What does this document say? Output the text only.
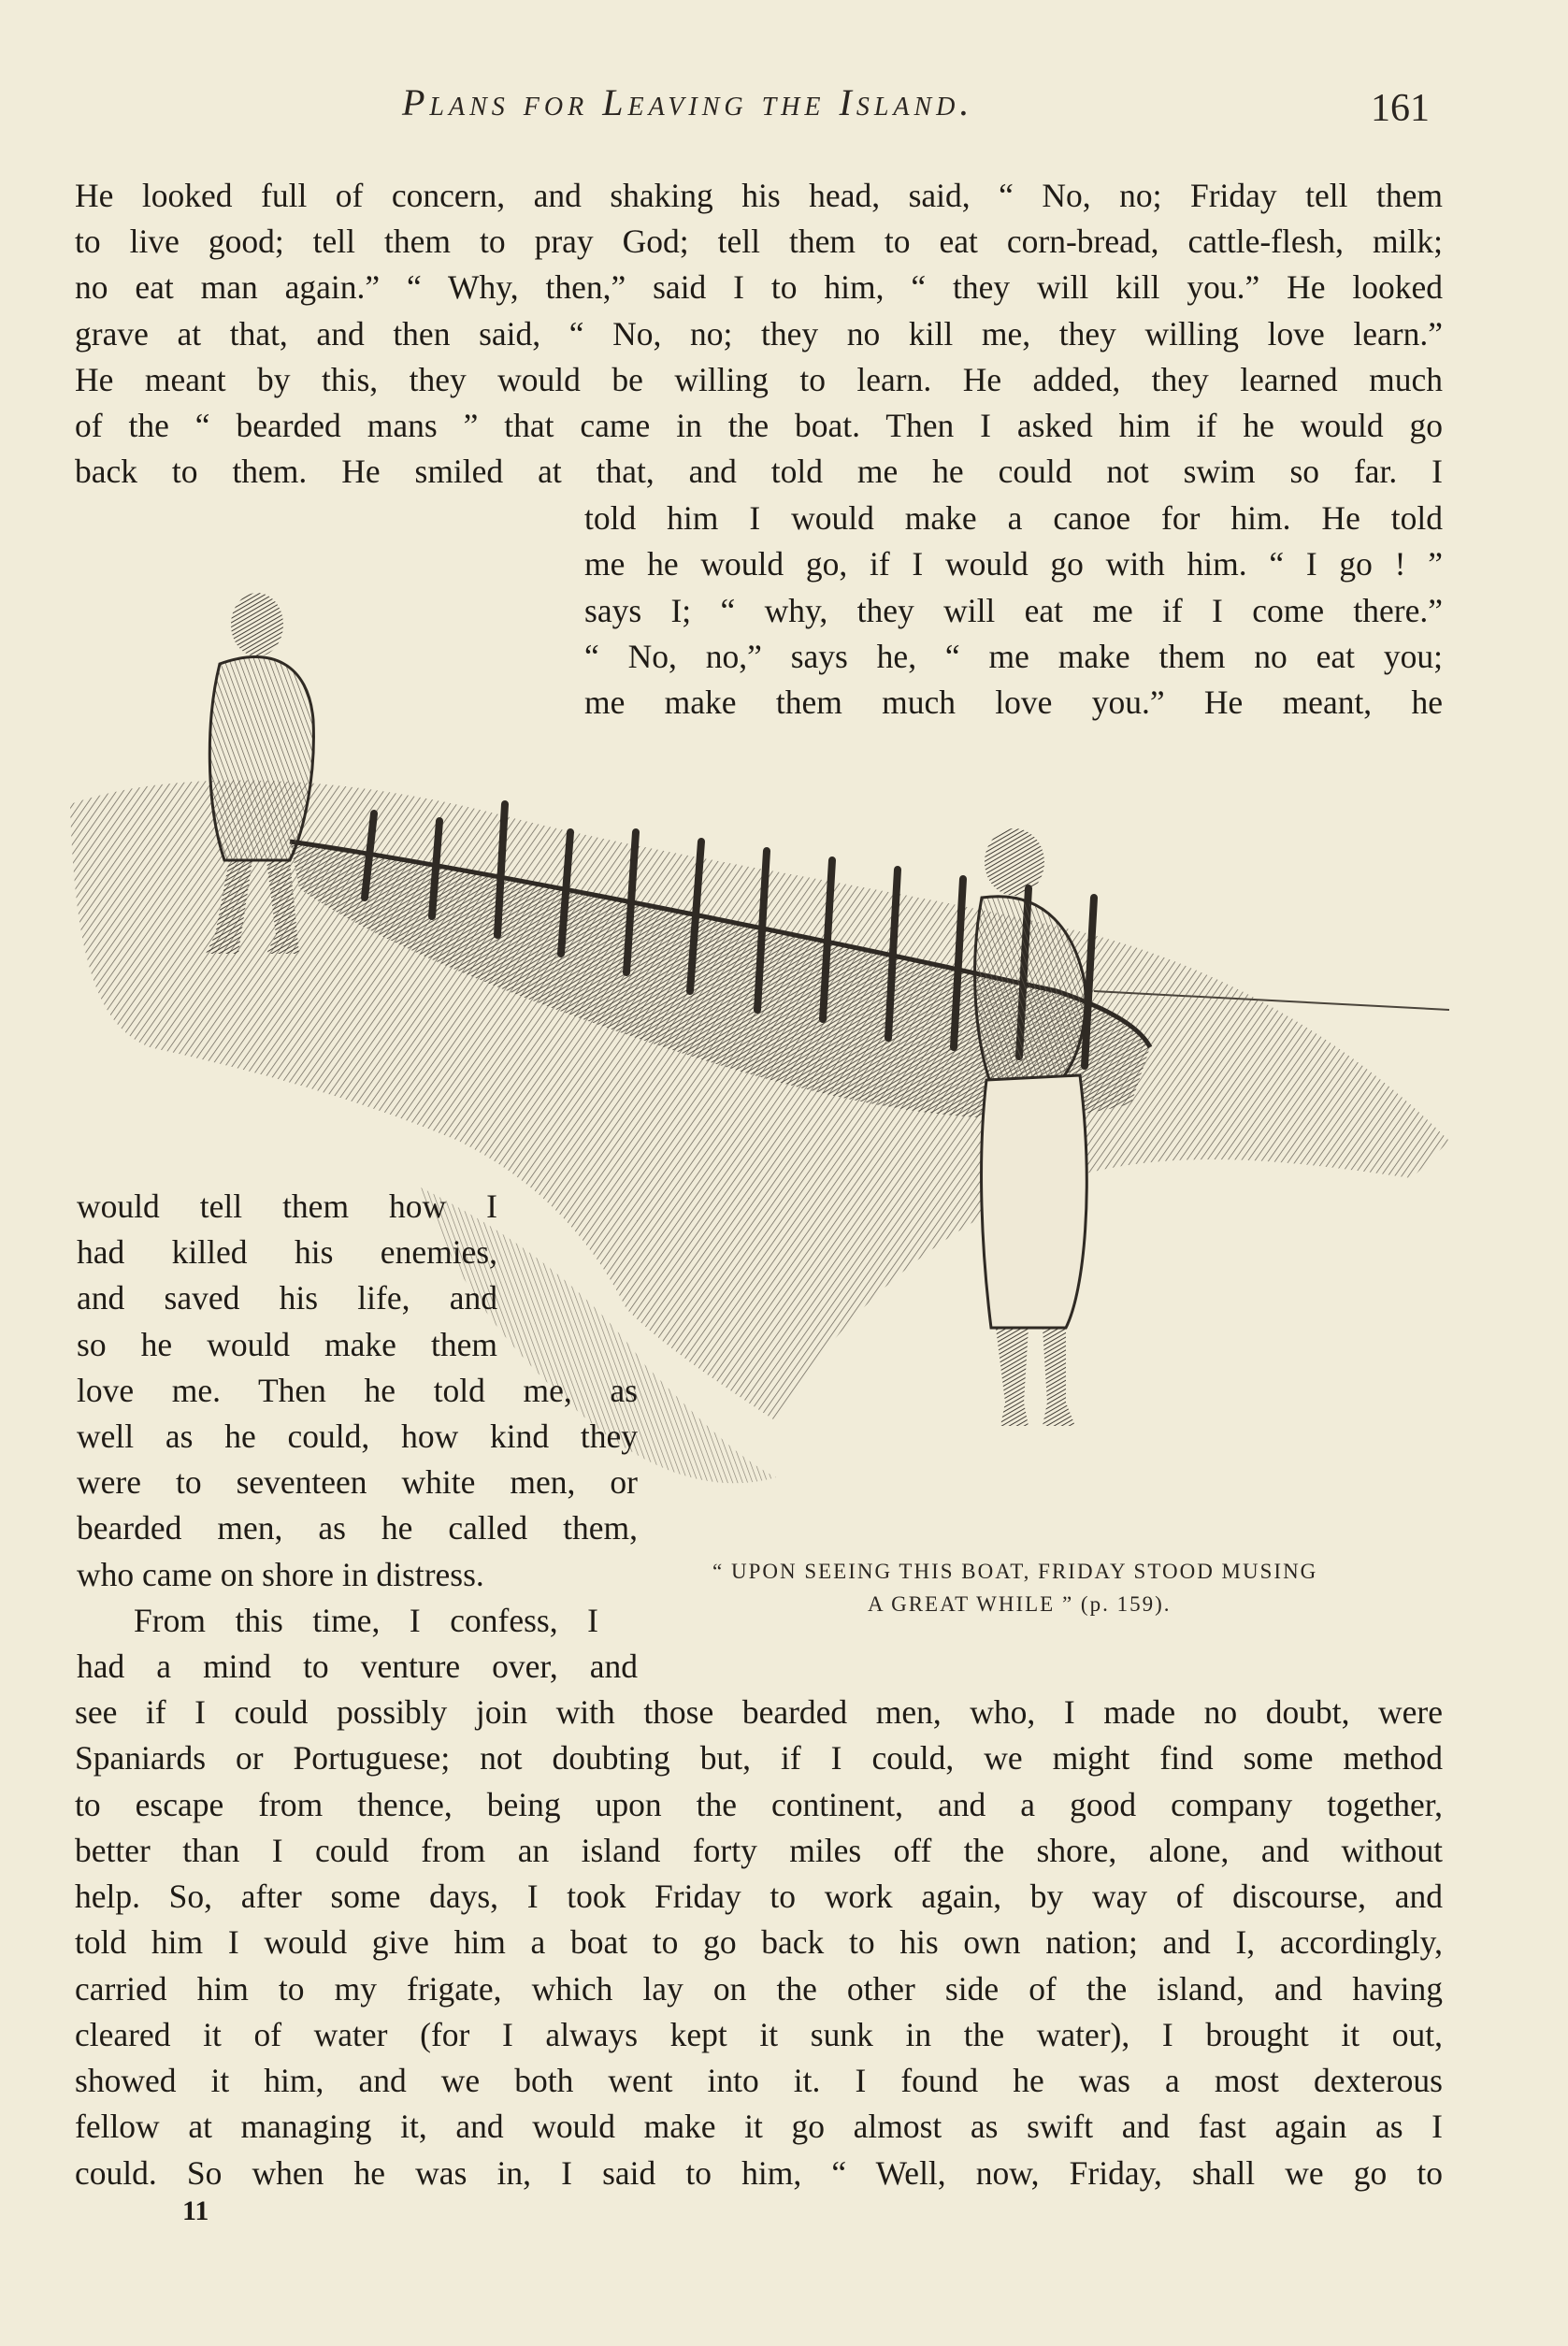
Plans for Leaving the Island.	161
He looked full of concern, and shaking his head, said, “ No, no; Friday tell them
to live good; tell them to pray God; tell them to eat corn-bread, cattle-flesh, milk;
no eat man again.” “ Why, then,” said I to him, “ they will kill you.” He looked
grave at that, and then said, “ No, no; they no kill me, they willing love learn.”
He meant by this, they would be willing to learn. He added, they learned much
of the “ bearded mans ” that came in the boat. Then I asked him if he would go
back to them. He smiled at that, and told me he could not swim so far. I
told him I would make a canoe for him. He told
me he would go, if I would go with him. “ I go ! ”
says I; “ why, they will eat me if I come there.”
“ No, no,” says he, “ me make them no eat you;
me make them much love you.” He meant, he
would tell them how I
had killed his enemies,
and saved his life, and
so he would make them
love me. Then he told me, as
well as he could, how kind they
were to seventeen white men, or
bearded men, as he called them,
who came on shore in distress.
From this time, I confess, I
had a mind to venture over, and
“ UPON SEEING THIS BOAT, FRIDAY STOOD MUSING
A GREAT WHILE ” (p. 159).
see if I could possibly join with those bearded men, who, I made no doubt, were
Spaniards or Portuguese; not doubting but, if I could, we might find some method
to escape from thence, being upon the continent, and a good company together,
better than I could from an island forty miles off the shore, alone, and without
help. So, after some days, I took Friday to work again, by way of discourse, and
told him I would give him a boat to go back to his own nation; and I, accordingly,
carried him to my frigate, which lay on the other side of the island, and having
cleared it of water (for I always kept it sunk in the water), I brought it out,
showed it him, and we both went into it. I found he was a most dexterous
fellow at managing it, and would make it go almost as swift and fast again as I
could. So when he was in, I said to him, “ Well, now, Friday, shall we go to
11
